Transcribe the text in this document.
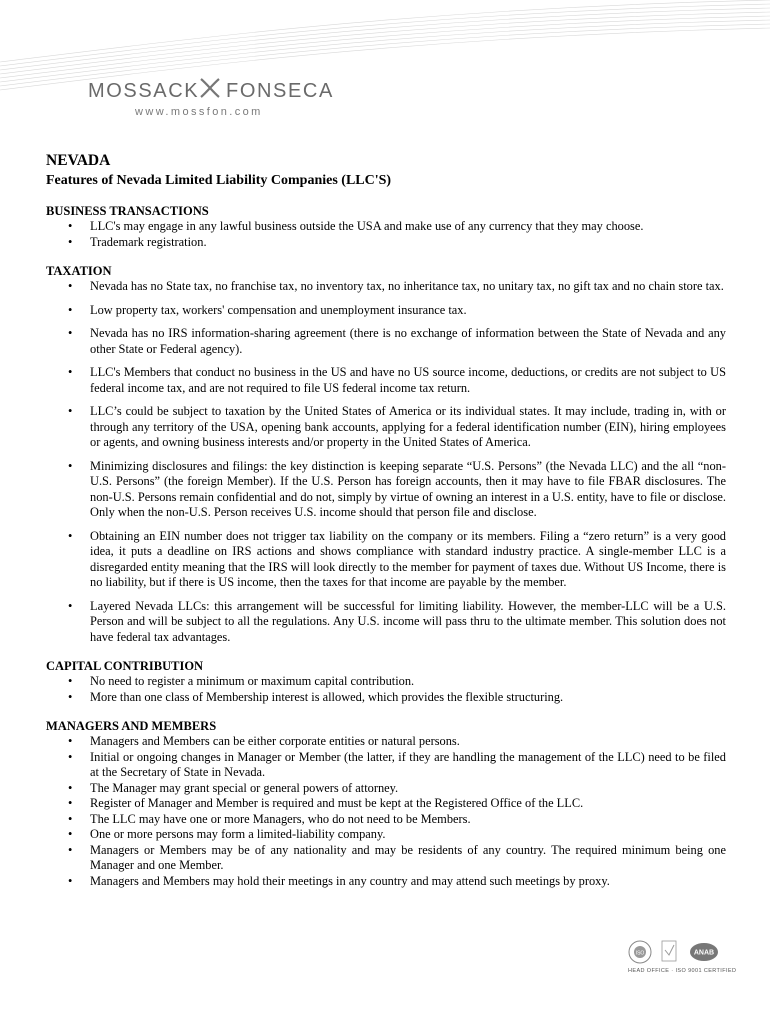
MOSSACK FONSECA
www.mossfon.com
NEVADA
Features of Nevada Limited Liability Companies (LLC'S)
BUSINESS TRANSACTIONS
• LLC's may engage in any lawful business outside the USA and make use of any currency that they may choose.
• Trademark registration.
TAXATION
• Nevada has no State tax, no franchise tax, no inventory tax, no inheritance tax, no unitary tax, no gift tax and no chain store tax.
• Low property tax, workers' compensation and unemployment insurance tax.
• Nevada has no IRS information-sharing agreement (there is no exchange of information between the State of Nevada and any other State or Federal agency).
• LLC's Members that conduct no business in the US and have no US source income, deductions, or credits are not subject to US federal income tax, and are not required to file US federal income tax return.
• LLC’s could be subject to taxation by the United States of America or its individual states. It may include, trading in, with or through any territory of the USA, opening bank accounts, applying for a federal identification number (EIN), hiring employees or agents, and owning business interests and/or property in the United States of America.
• Minimizing disclosures and filings: the key distinction is keeping separate “U.S. Persons” (the Nevada LLC) and the all “non- U.S. Persons” (the foreign Member). If the U.S. Person has foreign accounts, then it may have to file FBAR disclosures. The non-U.S. Persons remain confidential and do not, simply by virtue of owning an interest in a U.S. entity, have to file or disclose. Only when the non-U.S. Person receives U.S. income should that person file and disclose.
• Obtaining an EIN number does not trigger tax liability on the company or its members. Filing a “zero return” is a very good idea, it puts a deadline on IRS actions and shows compliance with standard industry practice. A single-member LLC is a disregarded entity meaning that the IRS will look directly to the member for payment of taxes due. Without US Income, there is no liability, but if there is US income, then the taxes for that income are payable by the member.
• Layered Nevada LLCs: this arrangement will be successful for limiting liability. However, the member-LLC will be a U.S. Person and will be subject to all the regulations. Any U.S. income will pass thru to the ultimate member. This solution does not have federal tax advantages.
CAPITAL CONTRIBUTION
• No need to register a minimum or maximum capital contribution.
• More than one class of Membership interest is allowed, which provides the flexible structuring.
MANAGERS AND MEMBERS
• Managers and Members can be either corporate entities or natural persons.
• Initial or ongoing changes in Manager or Member (the latter, if they are handling the management of the LLC) need to be filed at the Secretary of State in Nevada.
• The Manager may grant special or general powers of attorney.
• Register of Manager and Member is required and must be kept at the Registered Office of the LLC.
• The LLC may have one or more Managers, who do not need to be Members.
• One or more persons may form a limited-liability company.
• Managers or Members may be of any nationality and may be residents of any country. The required minimum being one Manager and one Member.
• Managers and Members may hold their meetings in any country and may attend such meetings by proxy.
ISO	ANAB
HEAD OFFICE · ISO 9001 CERTIFIED
